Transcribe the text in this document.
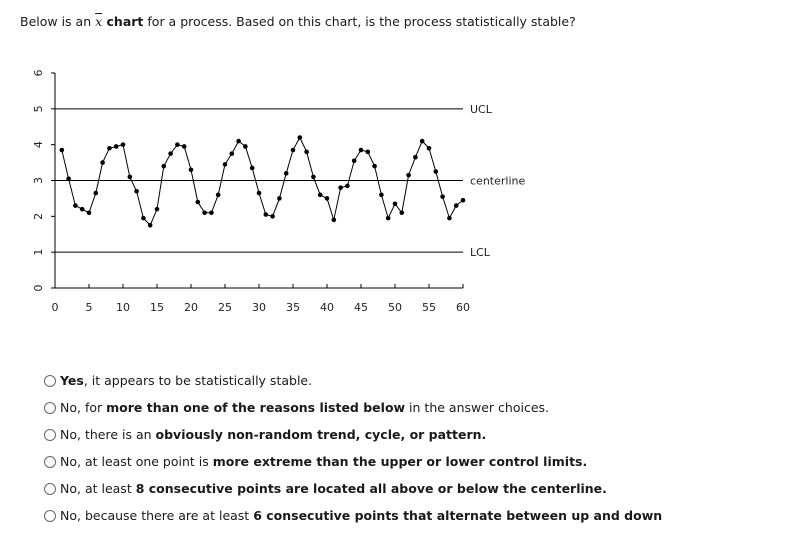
Below is an $\overline{x}$ chart for a process. Based on this chart, is the process statistically stable?
0
1
2
3
4
5
6
0 5 10 15 20 25 30 35 40 45 50 55 60
UCL
centerline
LCL
Yes, it appears to be statistically stable.
No, for more than one of the reasons listed below in the answer choices.
No, there is an obviously non-random trend, cycle, or pattern.
No, at least one point is more extreme than the upper or lower control limits.
No, at least 8 consecutive points are located all above or below the centerline.
No, because there are at least 6 consecutive points that alternate between up and down
